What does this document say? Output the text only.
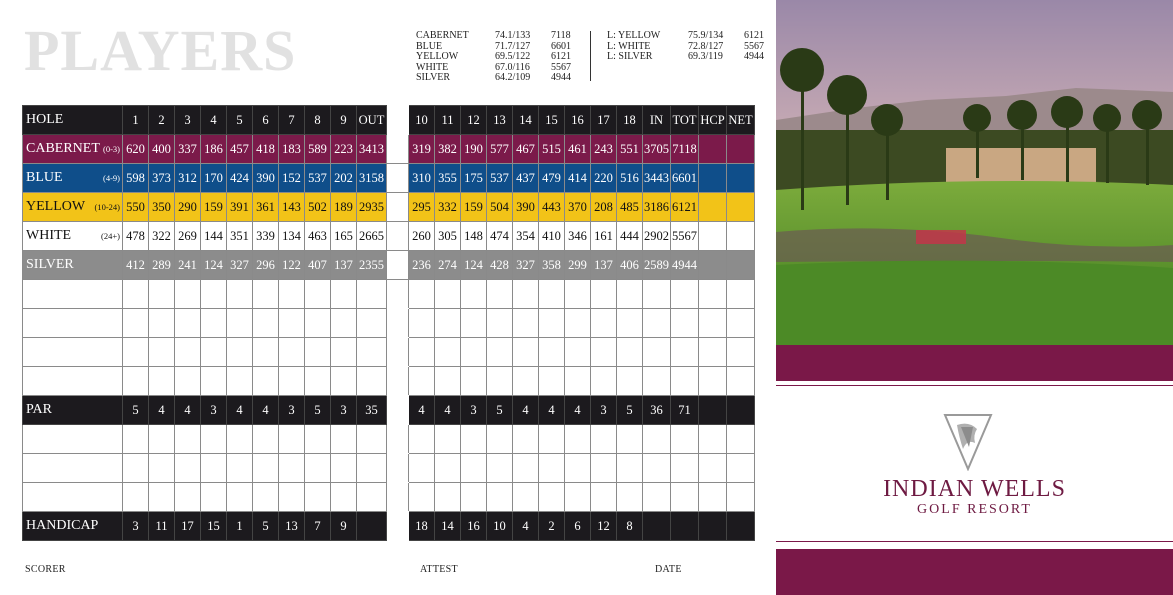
PLAYERS	CABERNET	74.1/133 7118
BLUE	71.7/127 6601
YELLOW	69.5/122 6121
WHITE	67.0/116 5567
SILVER	64.2/109 4944
L: YELLOW	75.9/134 6121
L: WHITE	72.8/127 5567
L: SILVER	69.3/119 4944
HOLE	1	2	3	4	5	6	7	8	9	OUT		10	11	12	13	14	15	16	17	18	IN	TOT	HCP	NET
CABERNET (0-3)	620	400	337	186	457	418	183	589	223	3413		319	382	190	577	467	515	461	243	551	3705	7118		
BLUE (4-9)	598	373	312	170	424	390	152	537	202	3158		310	355	175	537	437	479	414	220	516	3443	6601		
YELLOW (10-24)	550	350	290	159	391	361	143	502	189	2935		295	332	159	504	390	443	370	208	485	3186	6121		
WHITE (24+)	478	322	269	144	351	339	134	463	165	2665		260	305	148	474	354	410	346	161	444	2902	5567		
SILVER	412	289	241	124	327	296	122	407	137	2355		236	274	124	428	327	358	299	137	406	2589	4944		

PAR	5	4	4	3	4	4	3	5	3	35		4	4	3	5	4	4	4	3	5	36	71		

HANDICAP	3	11	17	15	1	5	13	7	9			18	14	16	10	4	2	6	12	8				
SCORER	ATTEST	DATE
INDIAN WELLS
GOLF RESORT
